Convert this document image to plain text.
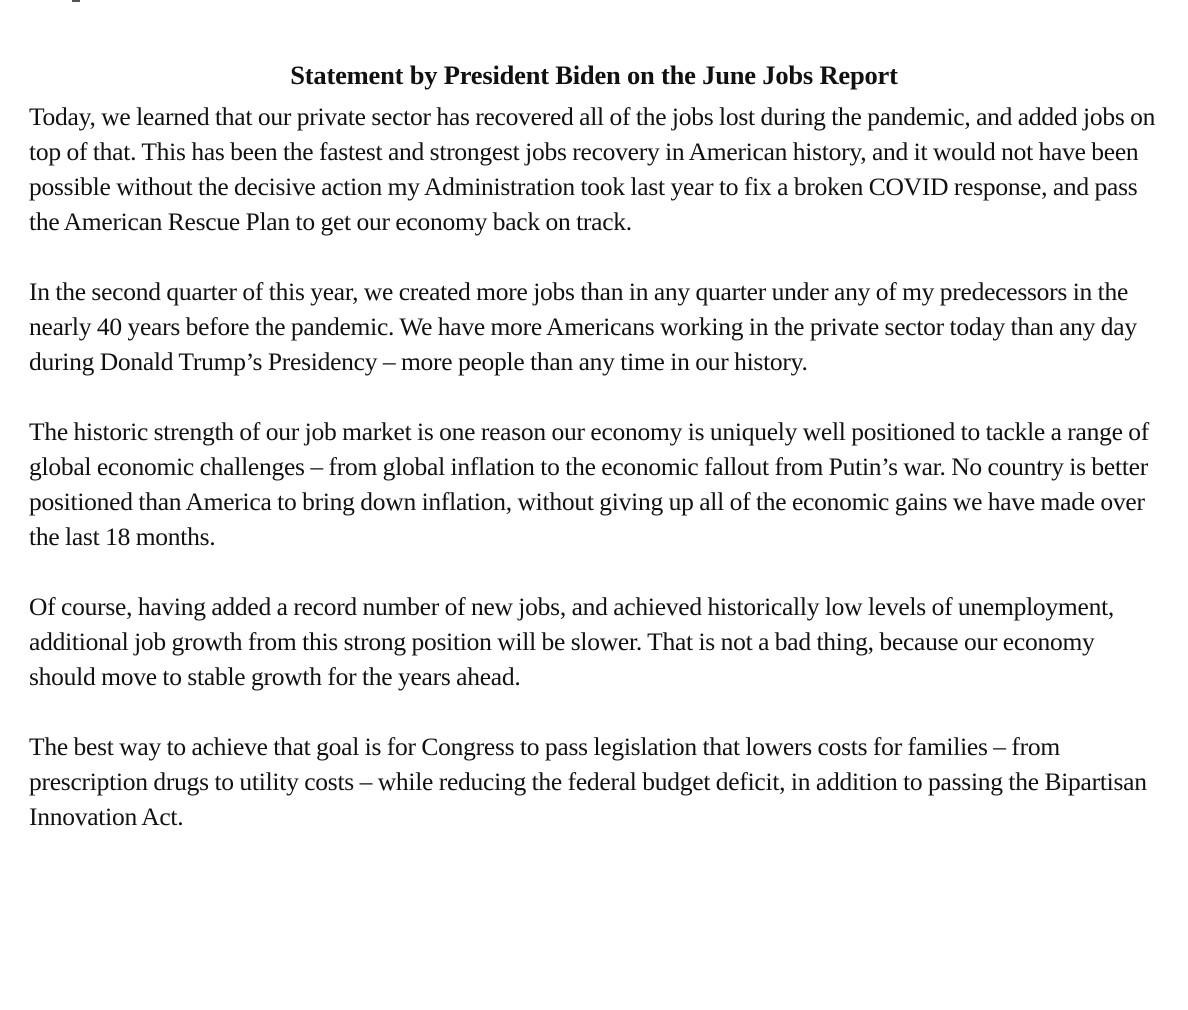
Statement by President Biden on the June Jobs Report

Today, we learned that our private sector has recovered all of the jobs lost during the pandemic, and added jobs on top of that. This has been the fastest and strongest jobs recovery in American history, and it would not have been possible without the decisive action my Administration took last year to fix a broken COVID response, and pass the American Rescue Plan to get our economy back on track.

In the second quarter of this year, we created more jobs than in any quarter under any of my predecessors in the nearly 40 years before the pandemic. We have more Americans working in the private sector today than any day during Donald Trump’s Presidency – more people than any time in our history.

The historic strength of our job market is one reason our economy is uniquely well positioned to tackle a range of global economic challenges – from global inflation to the economic fallout from Putin’s war. No country is better positioned than America to bring down inflation, without giving up all of the economic gains we have made over the last 18 months.

Of course, having added a record number of new jobs, and achieved historically low levels of unemployment, additional job growth from this strong position will be slower. That is not a bad thing, because our economy should move to stable growth for the years ahead.

The best way to achieve that goal is for Congress to pass legislation that lowers costs for families – from prescription drugs to utility costs – while reducing the federal budget deficit, in addition to passing the Bipartisan Innovation Act.
